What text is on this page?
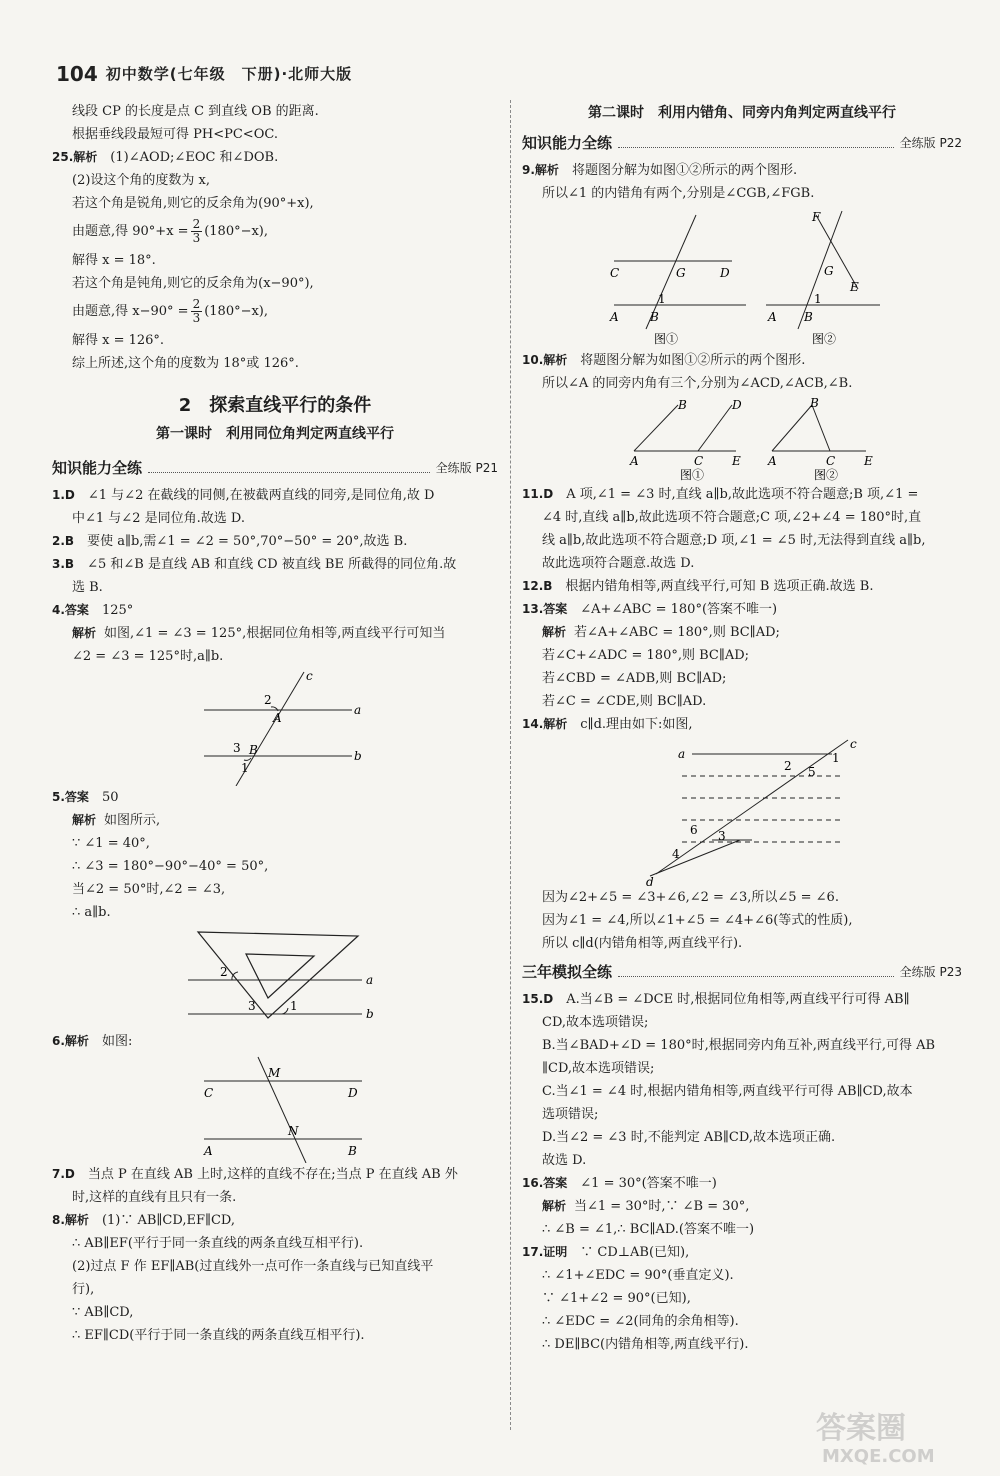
104 初中数学(七年级　下册)·北师大版

线段 CP 的长度是点 C 到直线 OB 的距离.

根据垂线段最短可得 PH<PC<OC.

25.解析　 (1)∠AOD;∠EOC 和∠DOB.

(2)设这个角的度数为 x,

若这个角是锐角,则它的反余角为(90°+x),

由题意,得 $90^\circ+x = \frac{2}{3} (180^\circ-x)$,

解得 x = 18°.

若这个角是钝角,则它的反余角为(x−90°),

由题意,得 $x-90^\circ = \frac{2}{3} (180^\circ-x)$,

解得 x = 126°.

综上所述,这个角的度数为 18°或 126°.

2　探索直线平行的条件
第一课时　利用同位角判定两直线平行
知识能力全练	全练版 P21

1.D　 ∠1 与∠2 在截线的同侧,在被截两直线的同旁,是同位角,故 D

中∠1 与∠2 是同位角.故选 D.

2.B　 要使 a∥b,需∠1 = ∠2 = 50°,70°−50° = 20°,故选 B.

3.B　 ∠5 和∠B 是直线 AB 和直线 CD 被直线 BE 所截得的同位角.故

选 B.

4.答案　 125°

解析 如图,∠1 = ∠3 = 125°,根据同位角相等,两直线平行可知当

∠2 = ∠3 = 125°时,a∥b.

c
a
b
2
A
3 B
1

5.答案　 50

解析 如图所示,

∵ ∠1 = 40°,

∴ ∠3 = 180°−90°−40° = 50°,

当∠2 = 50°时,∠2 = ∠3,

∴ a∥b.

2
a
b
3	1

6.解析　 如图:

M
N
C	D
A	B

7.D　 当点 P 在直线 AB 上时,这样的直线不存在;当点 P 在直线 AB 外

时,这样的直线有且只有一条.

8.解析　 (1)∵ AB∥CD,EF∥CD,

∴ AB∥EF(平行于同一条直线的两条直线互相平行).

(2)过点 F 作 EF∥AB(过直线外一点可作一条直线与已知直线平

行),

∵ AB∥CD,

∴ EF∥CD(平行于同一条直线的两条直线互相平行).

第二课时　利用内错角、同旁内角判定两直线平行
知识能力全练	全练版 P22

9.解析　 将题图分解为如图①②所示的两个图形.

所以∠1 的内错角有两个,分别是∠CGB,∠FGB.

C	G	D
A	B
1
图①
F
G
E
A B
1
图②

10.解析　 将题图分解为如图①②所示的两个图形.

所以∠A 的同旁内角有三个,分别为∠ACD,∠ACB,∠B.

B	D
A	C E
图①
B
A	C E
图②

11.D　 A 项,∠1 = ∠3 时,直线 a∥b,故此选项不符合题意;B 项,∠1 =

∠4 时,直线 a∥b,故此选项不符合题意;C 项,∠2+∠4 = 180°时,直

线 a∥b,故此选项不符合题意;D 项,∠1 = ∠5 时,无法得到直线 a∥b,

故此选项符合题意.故选 D.

12.B　 根据内错角相等,两直线平行,可知 B 选项正确.故选 B.

13.答案　 ∠A+∠ABC = 180°(答案不唯一)

解析 若∠A+∠ABC = 180°,则 BC∥AD;

若∠C+∠ADC = 180°,则 BC∥AD;

若∠CBD = ∠ADB,则 BC∥AD;

若∠C = ∠CDE,则 BC∥AD.

14.解析　 c∥d.理由如下:如图,

a
c
d
1
2 5
3
4
6

因为∠2+∠5 = ∠3+∠6,∠2 = ∠3,所以∠5 = ∠6.

因为∠1 = ∠4,所以∠1+∠5 = ∠4+∠6(等式的性质),

所以 c∥d(内错角相等,两直线平行).

三年模拟全练	全练版 P23

15.D　 A.当∠B = ∠DCE 时,根据同位角相等,两直线平行可得 AB∥

CD,故本选项错误;

B.当∠BAD+∠D = 180°时,根据同旁内角互补,两直线平行,可得 AB

∥CD,故本选项错误;

C.当∠1 = ∠4 时,根据内错角相等,两直线平行可得 AB∥CD,故本

选项错误;

D.当∠2 = ∠3 时,不能判定 AB∥CD,故本选项正确.

故选 D.

16.答案　 ∠1 = 30°(答案不唯一)

解析 当∠1 = 30°时,∵ ∠B = 30°,

∴ ∠B = ∠1,∴ BC∥AD.(答案不唯一)

17.证明　 ∵ CD⊥AB(已知),

∴ ∠1+∠EDC = 90°(垂直定义).

∵ ∠1+∠2 = 90°(已知),

∴ ∠EDC = ∠2(同角的余角相等).

∴ DE∥BC(内错角相等,两直线平行).

答案圈
MXQE.COM
